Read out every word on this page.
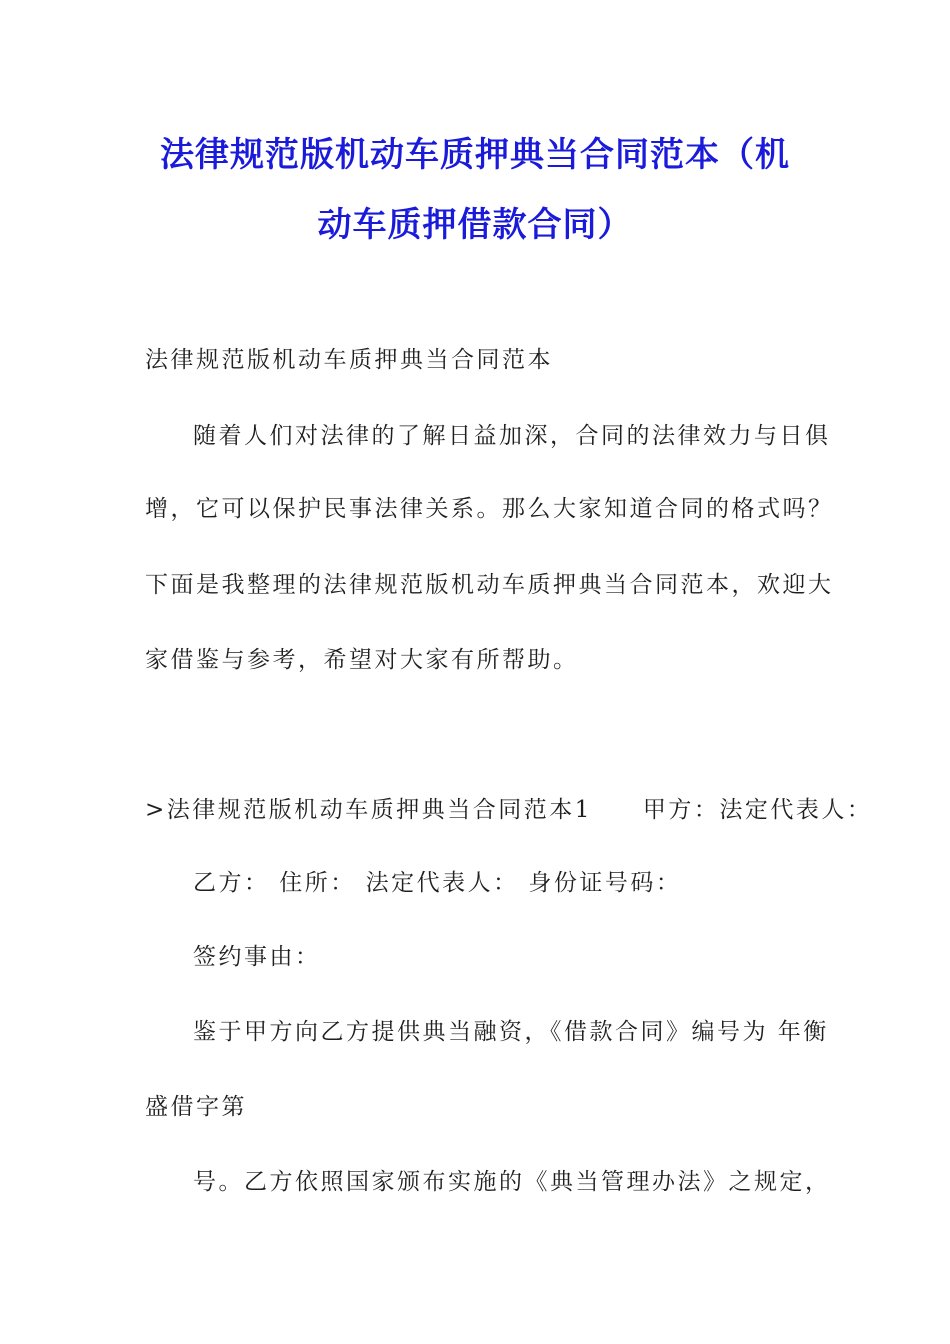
法律规范版机动车质押典当合同范本（机
动车质押借款合同）
法律规范版机动车质押典当合同范本
随着人们对法律的了解日益加深，合同的法律效力与日俱
增，它可以保护民事法律关系。那么大家知道合同的格式吗？
下面是我整理的法律规范版机动车质押典当合同范本，欢迎大
家借鉴与参考，希望对大家有所帮助。
>法律规范版机动车质押典当合同范本1　　甲方：法定代表人：
乙方： 住所： 法定代表人： 身份证号码：
签约事由：
鉴于甲方向乙方提供典当融资，《借款合同》编号为 年衡
盛借字第
号。乙方依照国家颁布实施的《典当管理办法》之规定，
